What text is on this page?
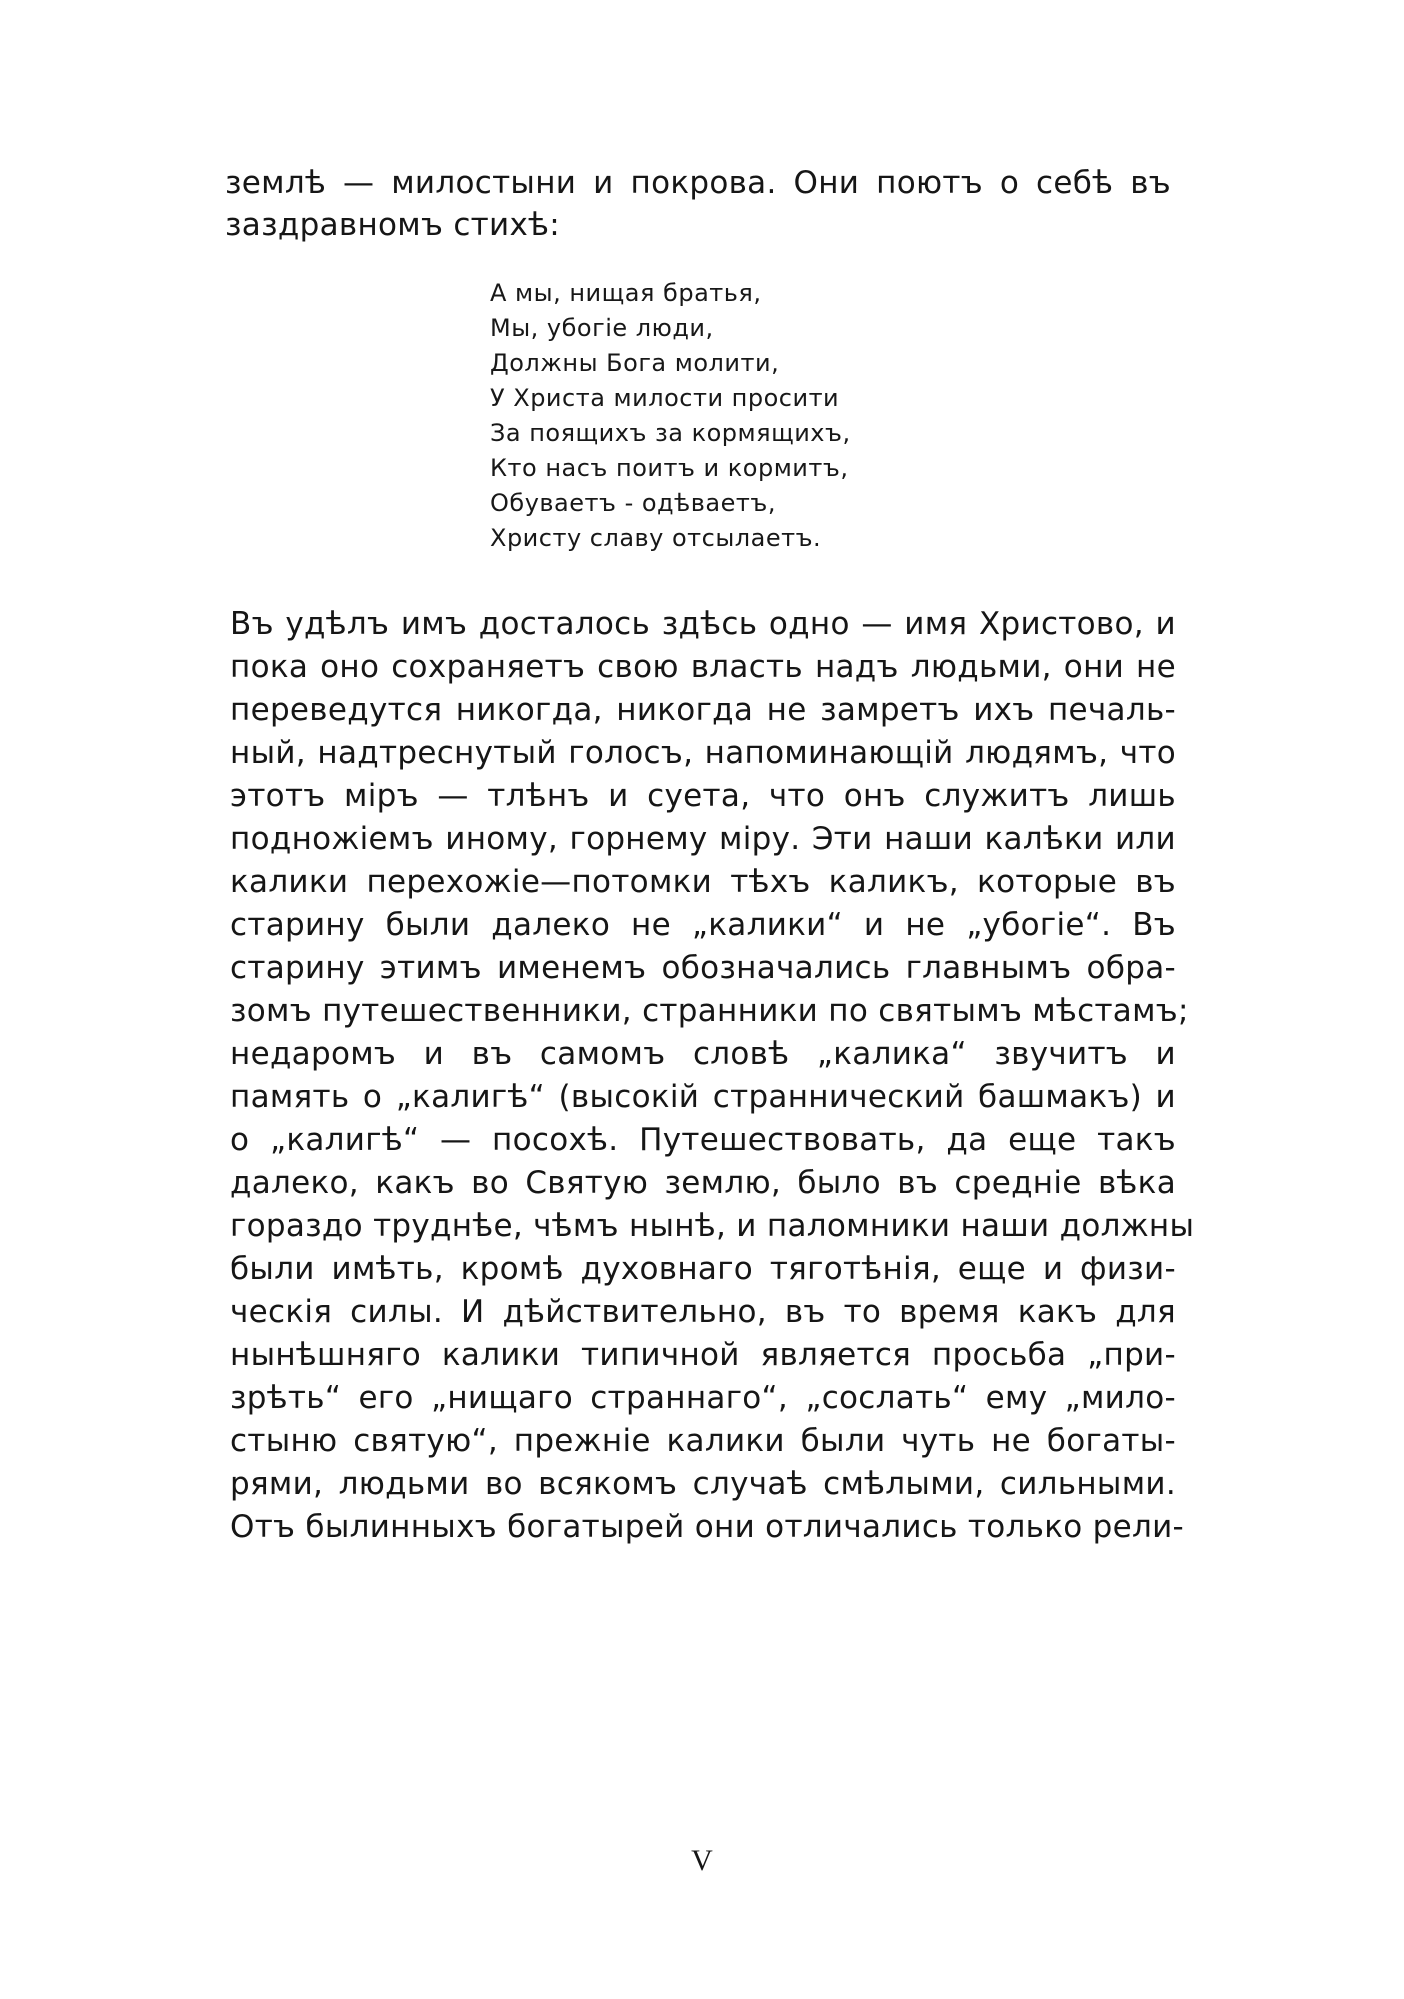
землѣ — милостыни и покрова. Они поютъ о себѣ въ
заздравномъ стихѣ:
А мы, нищая братья,
Мы, убогіе люди,
Должны Бога молити,
У Христа милости просити
За поящихъ за кормящихъ,
Кто насъ поитъ и кормитъ,
Обуваетъ - одѣваетъ,
Христу славу отсылаетъ.
Въ удѣлъ имъ досталось здѣсь одно — имя Христово, и
пока оно сохраняетъ свою власть надъ людьми, они не
переведутся никогда, никогда не замретъ ихъ печаль-
ный, надтреснутый голосъ, напоминающій людямъ, что
этотъ міръ — тлѣнъ и суета, что онъ служитъ лишь
подножіемъ иному, горнему міру. Эти наши калѣки или
калики перехожіе—потомки тѣхъ каликъ, которые въ
старину были далеко не „калики“ и не „убогіе“. Въ
старину этимъ именемъ обозначались главнымъ обра-
зомъ путешественники, странники по святымъ мѣстамъ;
недаромъ и въ самомъ словѣ „калика“ звучитъ и
память о „калигѣ“ (высокій страннический башмакъ) и
о „калигѣ“ — посохѣ. Путешествовать, да еще такъ
далеко, какъ во Святую землю, было въ средніе вѣка
гораздо труднѣе, чѣмъ нынѣ, и паломники наши должны
были имѣть, кромѣ духовнаго тяготѣнія, еще и физи-
ческія силы. И дѣйствительно, въ то время какъ для
нынѣшняго калики типичной является просьба „при-
зрѣть“ его „нищаго страннаго“, „сослать“ ему „мило-
стыню святую“, прежніе калики были чуть не богаты-
рями, людьми во всякомъ случаѣ смѣлыми, сильными.
Отъ былинныхъ богатырей они отличались только рели-
V
